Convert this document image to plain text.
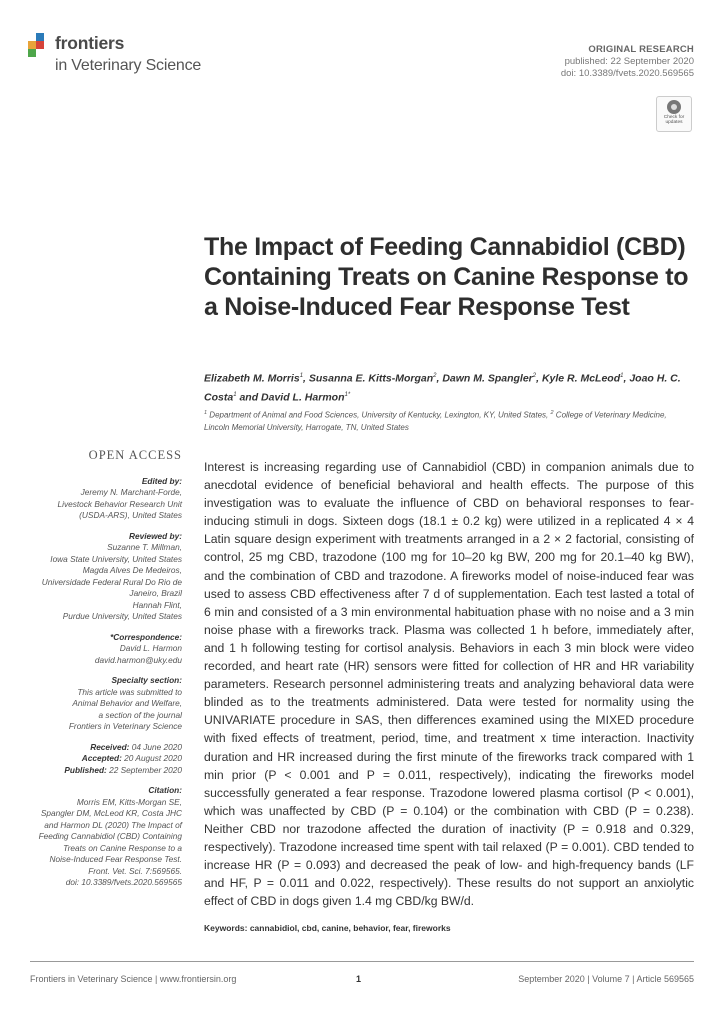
frontiers
in Veterinary Science
ORIGINAL RESEARCH
published: 22 September 2020
doi: 10.3389/fvets.2020.569565
Check for updates
The Impact of Feeding Cannabidiol (CBD) Containing Treats on Canine Response to a Noise-Induced Fear Response Test
Elizabeth M. Morris$^1$, Susanna E. Kitts-Morgan$^2$, Dawn M. Spangler$^2$, Kyle R. McLeod$^1$, Joao H. C. Costa$^1$ and David L. Harmon$^{1*}$
$^1$ Department of Animal and Food Sciences, University of Kentucky, Lexington, KY, United States, $^2$ College of Veterinary Medicine, Lincoln Memorial University, Harrogate, TN, United States
OPEN ACCESS
Edited by:
Jeremy N. Marchant-Forde,
Livestock Behavior Research Unit
(USDA-ARS), United States
Reviewed by:
Suzanne T. Millman,
Iowa State University, United States
Magda Alves De Medeiros,
Universidade Federal Rural Do Rio de
Janeiro, Brazil
Hannah Flint,
Purdue University, United States
*Correspondence:
David L. Harmon
david.harmon@uky.edu
Specialty section:
This article was submitted to
Animal Behavior and Welfare,
a section of the journal
Frontiers in Veterinary Science
Received: 04 June 2020
Accepted: 20 August 2020
Published: 22 September 2020
Citation:
Morris EM, Kitts-Morgan SE,
Spangler DM, McLeod KR, Costa JHC
and Harmon DL (2020) The Impact of
Feeding Cannabidiol (CBD) Containing
Treats on Canine Response to a
Noise-Induced Fear Response Test.
Front. Vet. Sci. 7:569565.
doi: 10.3389/fvets.2020.569565
Interest is increasing regarding use of Cannabidiol (CBD) in companion animals due to anecdotal evidence of beneficial behavioral and health effects. The purpose of this investigation was to evaluate the influence of CBD on behavioral responses to fear-inducing stimuli in dogs. Sixteen dogs (18.1 ± 0.2 kg) were utilized in a replicated 4 × 4 Latin square design experiment with treatments arranged in a 2 × 2 factorial, consisting of control, 25 mg CBD, trazodone (100 mg for 10–20 kg BW, 200 mg for 20.1–40 kg BW), and the combination of CBD and trazodone. A fireworks model of noise-induced fear was used to assess CBD effectiveness after 7 d of supplementation. Each test lasted a total of 6 min and consisted of a 3 min environmental habituation phase with no noise and a 3 min noise phase with a fireworks track. Plasma was collected 1 h before, immediately after, and 1 h following testing for cortisol analysis. Behaviors in each 3 min block were video recorded, and heart rate (HR) sensors were fitted for collection of HR and HR variability parameters. Research personnel administering treats and analyzing behavioral data were blinded as to the treatments administered. Data were tested for normality using the UNIVARIATE procedure in SAS, then differences examined using the MIXED procedure with fixed effects of treatment, period, time, and treatment x time interaction. Inactivity duration and HR increased during the first minute of the fireworks track compared with 1 min prior (P < 0.001 and P = 0.011, respectively), indicating the fireworks model successfully generated a fear response. Trazodone lowered plasma cortisol (P < 0.001), which was unaffected by CBD (P = 0.104) or the combination with CBD (P = 0.238). Neither CBD nor trazodone affected the duration of inactivity (P = 0.918 and 0.329, respectively). Trazodone increased time spent with tail relaxed (P = 0.001). CBD tended to increase HR (P = 0.093) and decreased the peak of low- and high-frequency bands (LF and HF, P = 0.011 and 0.022, respectively). These results do not support an anxiolytic effect of CBD in dogs given 1.4 mg CBD/kg BW/d.
Keywords: cannabidiol, cbd, canine, behavior, fear, fireworks
Frontiers in Veterinary Science | www.frontiersin.org	1	September 2020 | Volume 7 | Article 569565
